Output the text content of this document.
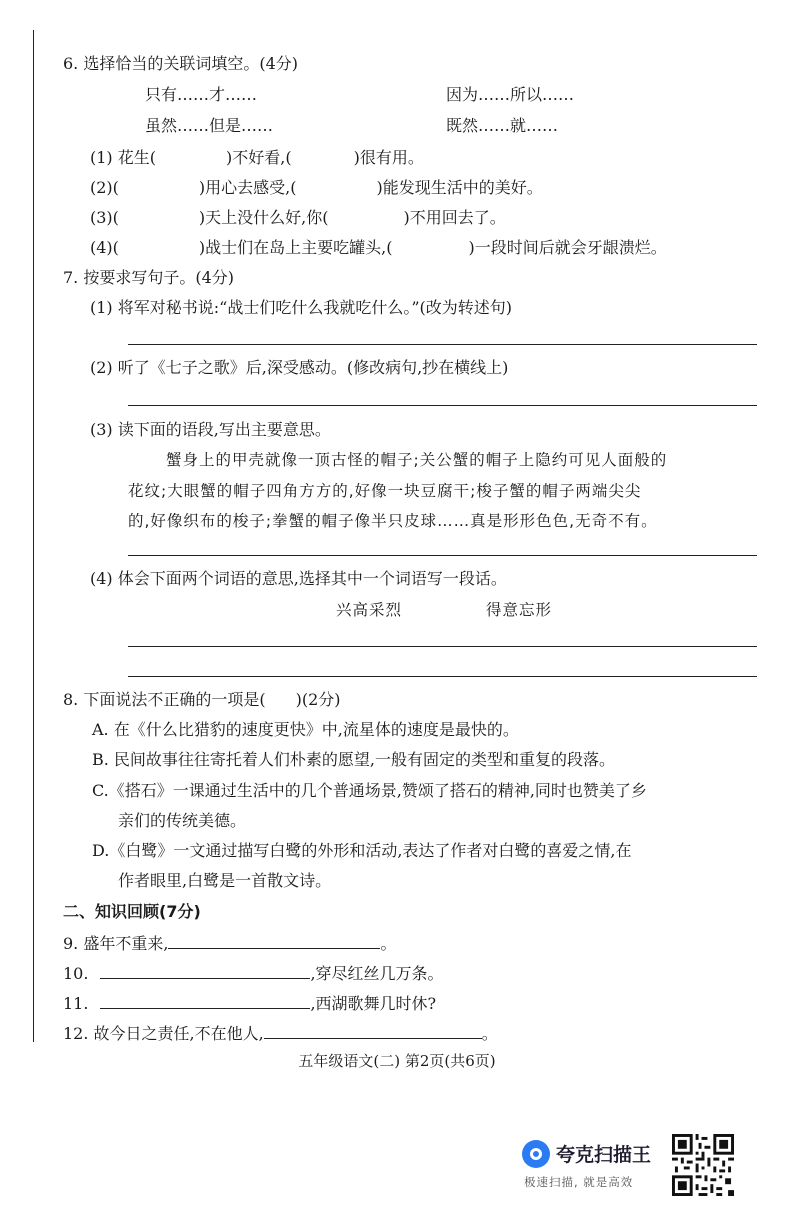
6. 选择恰当的关联词填空。(4分)
只有……才……	因为……所以……
虽然……但是……	既然……就……
(1) 花生(	)不好看,(	)很有用。
(2)(	)用心去感受,(	)能发现生活中的美好。
(3)(	)天上没什么好,你(	)不用回去了。
(4)(	)战士们在岛上主要吃罐头,(	)一段时间后就会牙龈溃烂。
7. 按要求写句子。(4分)
(1) 将军对秘书说:“战士们吃什么我就吃什么。”(改为转述句)
(2) 听了《七子之歌》后,深受感动。(修改病句,抄在横线上)
(3) 读下面的语段,写出主要意思。
蟹身上的甲壳就像一顶古怪的帽子;关公蟹的帽子上隐约可见人面般的
花纹;大眼蟹的帽子四角方方的,好像一块豆腐干;梭子蟹的帽子两端尖尖
的,好像织布的梭子;拳蟹的帽子像半只皮球……真是形形色色,无奇不有。
(4) 体会下面两个词语的意思,选择其中一个词语写一段话。
兴高采烈	得意忘形
8. 下面说法不正确的一项是( )(2分)
A. 在《什么比猎豹的速度更快》中,流星体的速度是最快的。
B. 民间故事往往寄托着人们朴素的愿望,一般有固定的类型和重复的段落。
C.《搭石》一课通过生活中的几个普通场景,赞颂了搭石的精神,同时也赞美了乡
亲们的传统美德。
D.《白鹭》一文通过描写白鹭的外形和活动,表达了作者对白鹭的喜爱之情,在
作者眼里,白鹭是一首散文诗。
二、知识回顾(7分)
9. 盛年不重来,	。
10.	,穿尽红丝几万条。
11.	,西湖歌舞几时休?
12. 故今日之责任,不在他人,	。
五年级语文(二) 第2页(共6页)
夸克扫描王
极速扫描, 就是高效
